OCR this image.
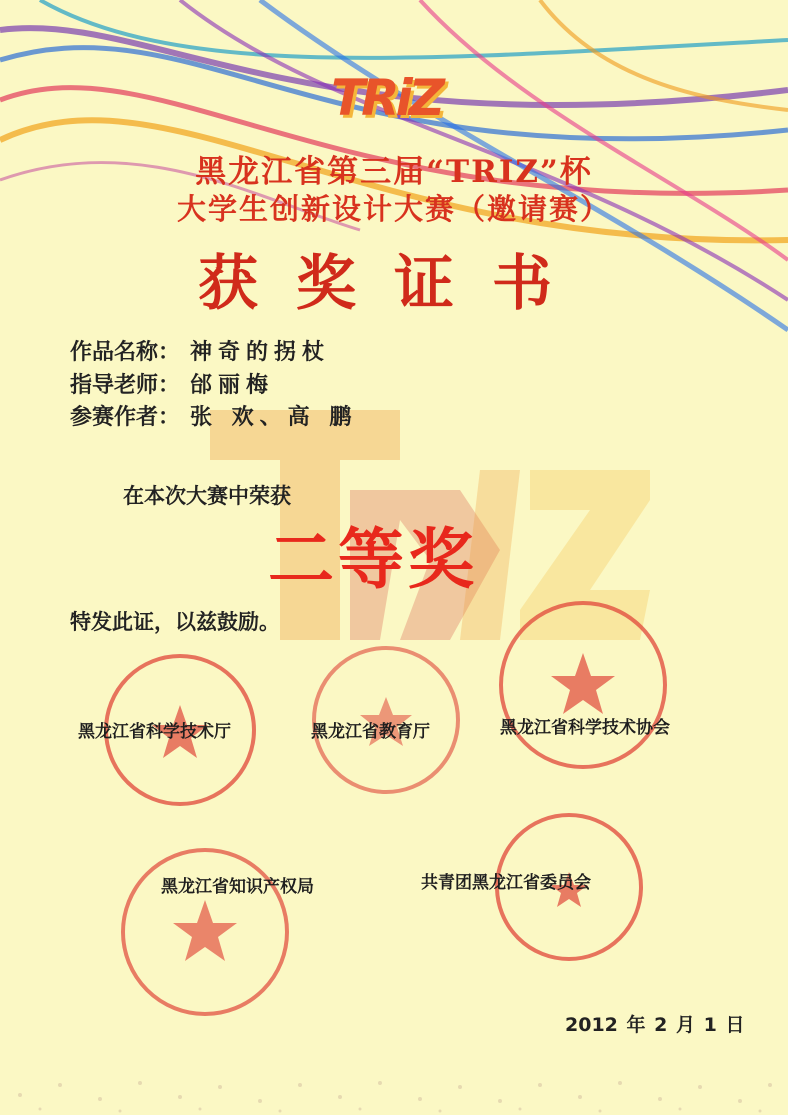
TRiZ
黑龙江省第三届“TRIZ”杯
大学生创新设计大赛（邀请赛）
获奖证书
作品名称： 神奇的拐杖
指导老师： 邰丽梅
参赛作者： 张 欢、高 鹏
在本次大赛中荣获
二等奖
特发此证，以兹鼓励。
黑龙江省科学技术厅	黑龙江省教育厅	黑龙江省科学技术协会
黑龙江省知识产权局	共青团黑龙江省委员会
2012 年 2 月 1 日
